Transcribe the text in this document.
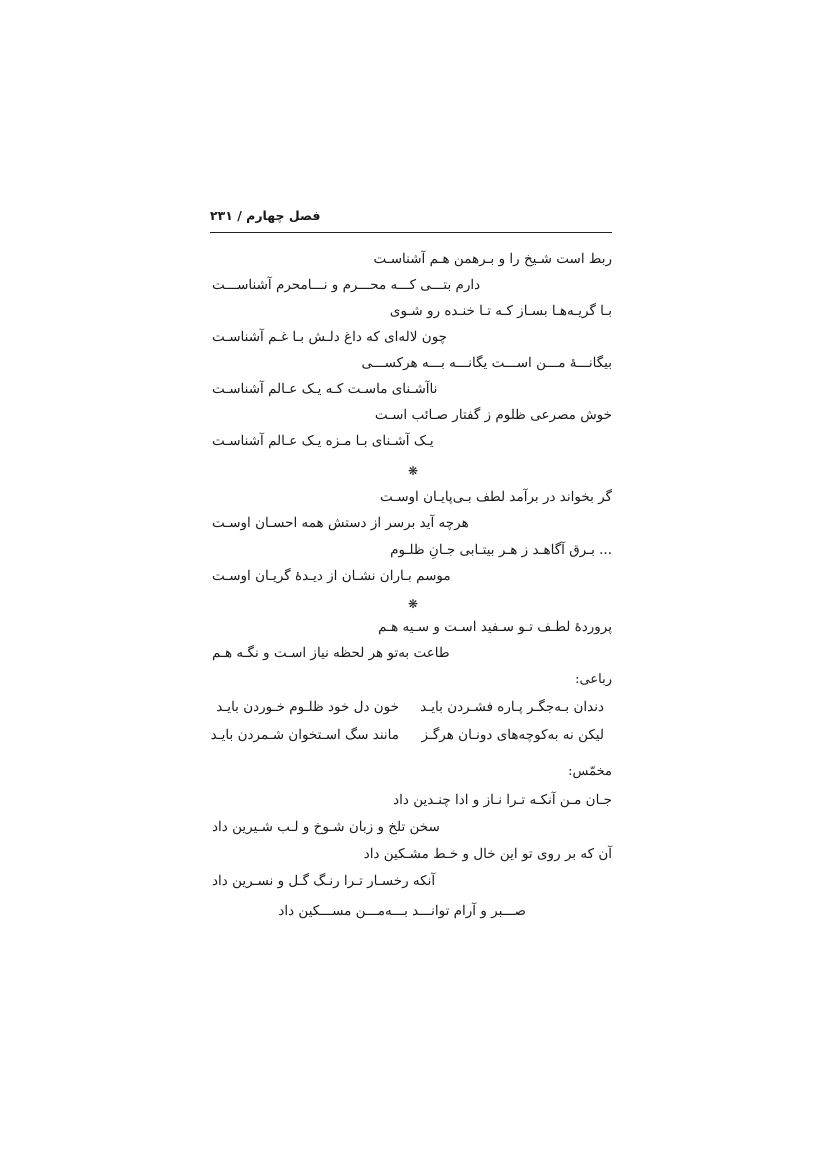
فصل چهارم / ۲۳۱
ربط است شـیخ را و بـرهمن هـم آشناسـت
دارم بتـــی کـــه محـــرم و نـــامحرم آشناســـت
بـا گریـه‌هـا بسـاز کـه تـا خنـده رو شـوی
چون لاله‌ای که داغ دلـش بـا غـم آشناسـت
بیگانـــهٔ مـــن اســـت یگانـــه بـــه هرکســـی
ناآشـنای ماسـت کـه یـک عـالم آشناسـت
خوش مصرعی ظلوم ز گفتار صـائب اسـت
یـک آشـنای بـا مـزه یـک عـالم آشناسـت
❋
گر بخواند در برآمد لطف بـی‌پایـان اوسـت
هرچه آید برسر از دستش همه احسـان اوسـت
... بـرق آگاهـد ز هـر بیتـابی جـانِ ظلـوم
موسم بـاران نشـان از دیـدهٔ گریـان اوسـت
❋
پروردهٔ لطـف تـو سـفید اسـت و سـیه هـم
طاعت به‌تو هر لحظه نیاز اسـت و نگـه هـم
رباعی:
دندان بـه‌جگـر پـاره فشـردن بایـد
خون دل خود ظلـوم خـوردن بایـد
لیکن نه به‌کوچه‌های دونـان هرگـز
مانند سگ اسـتخوان شـمردن بایـد
مخمّس:
جـان مـن آنکـه تـرا نـاز و ادا چنـدین داد
سخن تلخ و زبان شـوخ و لـب شـیرین داد
آن که بر روی تو این خال و خـط مشـکین داد
آنکه رخسـار تـرا رنـگ گـل و نسـرین داد
صـــبر و آرام توانـــد بـــه‌مـــن مســـکین داد
